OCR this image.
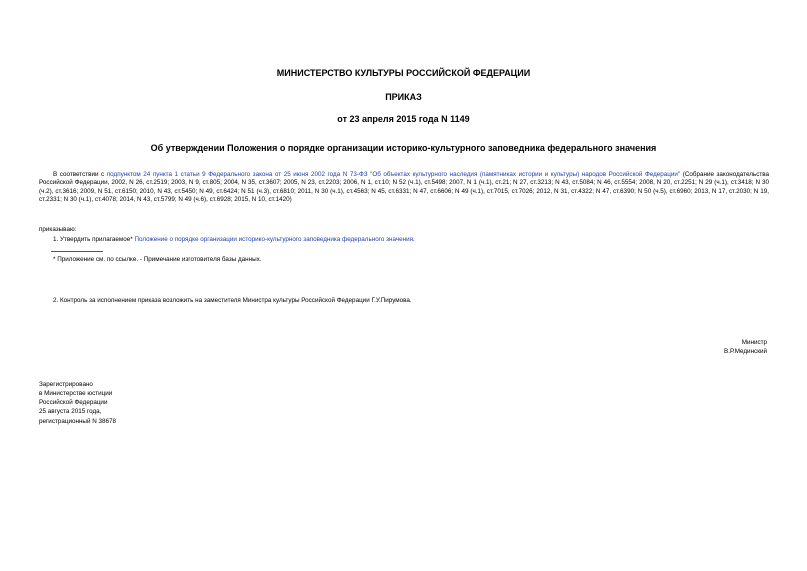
МИНИСТЕРСТВО КУЛЬТУРЫ РОССИЙСКОЙ ФЕДЕРАЦИИ
ПРИКАЗ
от 23 апреля 2015 года N 1149
Об утверждении Положения о порядке организации историко-культурного заповедника федерального значения
В соответствии с подпунктом 24 пункта 1 статьи 9 Федерального закона от 25 июня 2002 года N 73-ФЗ "Об объектах культурного наследия (памятниках истории и культуры) народов Российской Федерации" (Собрание законодательства Российской Федерации, 2002, N 26, ст.2519; 2003, N 9, ст.805; 2004, N 35, ст.3607; 2005, N 23, ст.2203; 2006, N 1, ст.10; N 52 (ч.1), ст.5498; 2007, N 1 (ч.1), ст.21; N 27, ст.3213; N 43, ст.5084; N 46, ст.5554; 2008, N 20, ст.2251; N 29 (ч.1), ст.3418; N 30 (ч.2), ст.3616; 2009, N 51, ст.6150; 2010, N 43, ст.5450; N 49, ст.6424; N 51 (ч.3), ст.6810; 2011, N 30 (ч.1), ст.4563; N 45, ст.6331; N 47, ст.6606; N 49 (ч.1), ст.7015, ст.7026; 2012, N 31, ст.4322; N 47, ст.6390; N 50 (ч.5), ст.6960; 2013, N 17, ст.2030; N 19, ст.2331; N 30 (ч.1), ст.4078; 2014, N 43, ст.5799; N 49 (ч.6), ст.6928; 2015, N 10, ст.1420)
приказываю:
1. Утвердить прилагаемое* Положение о порядке организации историко-культурного заповедника федерального значения.
* Приложение см. по ссылке. - Примечание изготовителя базы данных.
2. Контроль за исполнением приказа возложить на заместителя Министра культуры Российской Федерации Г.У.Пирумова.
Министр
В.Р.Мединский
Зарегистрировано
в Министерстве юстиции
Российской Федерации
25 августа 2015 года,
регистрационный N 38678
